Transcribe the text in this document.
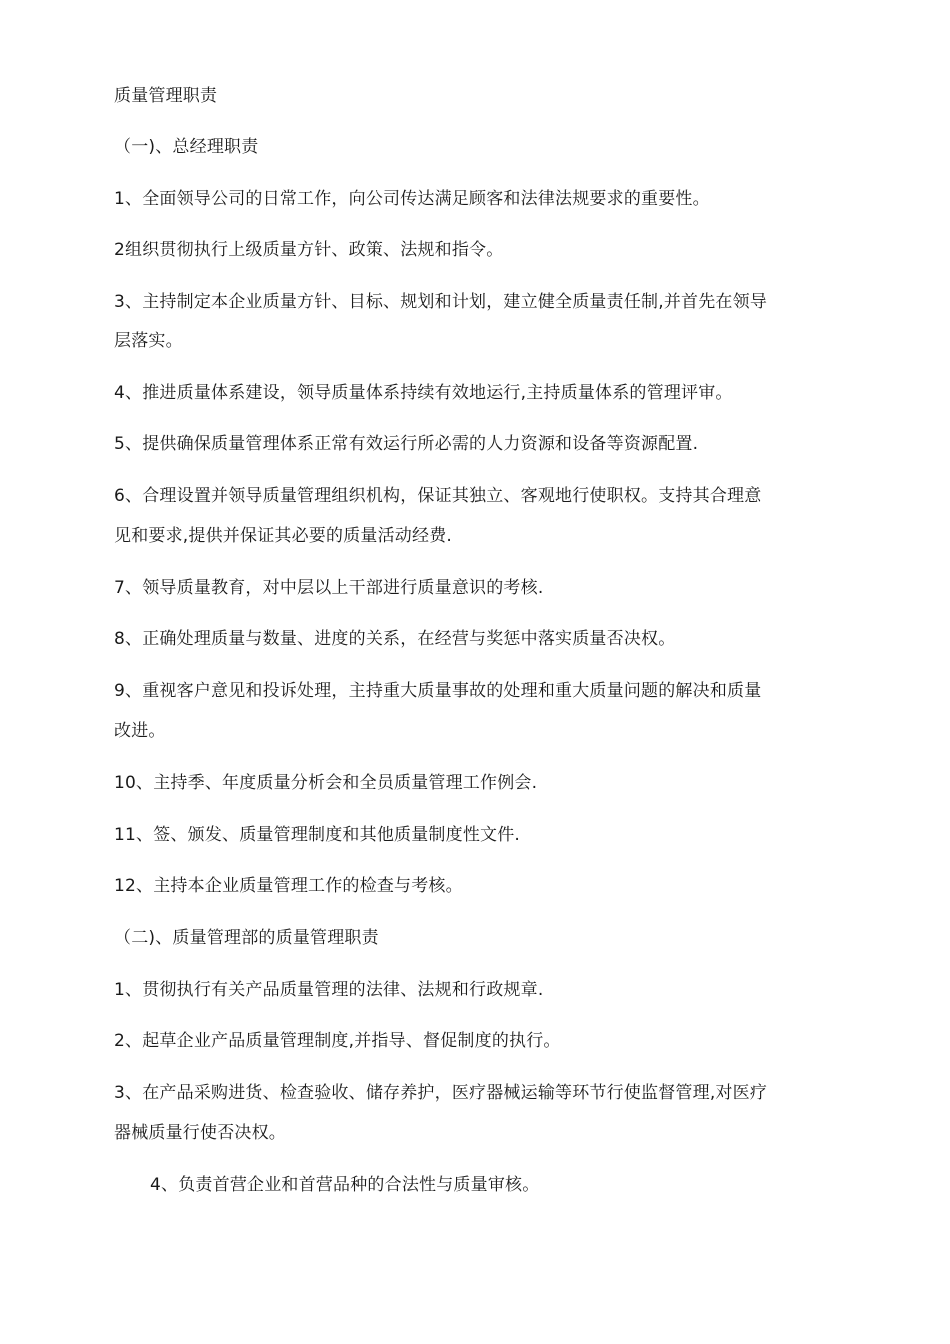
质量管理职责
（一)、总经理职责
1、全面领导公司的日常工作，向公司传达满足顾客和法律法规要求的重要性。
2组织贯彻执行上级质量方针、政策、法规和指令。
3、主持制定本企业质量方针、目标、规划和计划，建立健全质量责任制,并首先在领导
层落实。
4、推进质量体系建设，领导质量体系持续有效地运行,主持质量体系的管理评审。
5、提供确保质量管理体系正常有效运行所必需的人力资源和设备等资源配置.
6、合理设置并领导质量管理组织机构，保证其独立、客观地行使职权。支持其合理意
见和要求,提供并保证其必要的质量活动经费.
7、领导质量教育，对中层以上干部进行质量意识的考核.
8、正确处理质量与数量、进度的关系，在经营与奖惩中落实质量否决权。
9、重视客户意见和投诉处理，主持重大质量事故的处理和重大质量问题的解决和质量
改进。
10、主持季、年度质量分析会和全员质量管理工作例会.
11、签、颁发、质量管理制度和其他质量制度性文件.
12、主持本企业质量管理工作的检查与考核。
（二)、质量管理部的质量管理职责
1、贯彻执行有关产品质量管理的法律、法规和行政规章.
2、起草企业产品质量管理制度,并指导、督促制度的执行。
3、在产品采购进货、检查验收、储存养护，医疗器械运输等环节行使监督管理,对医疗
器械质量行使否决权。
4、负责首营企业和首营品种的合法性与质量审核。
